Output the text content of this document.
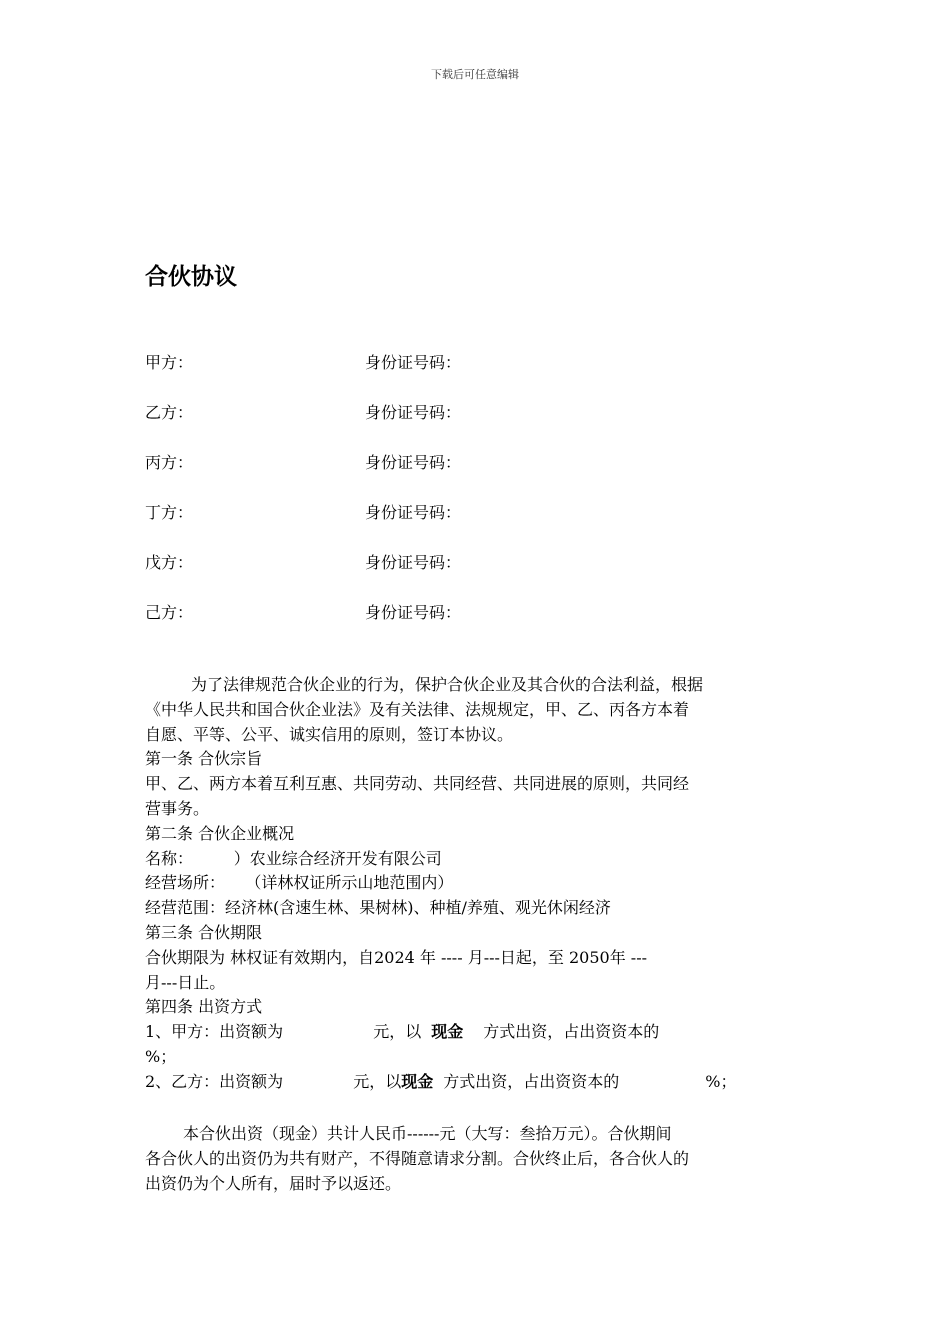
下载后可任意编辑
合伙协议
甲方：	身份证号码：
乙方：	身份证号码：
丙方：	身份证号码：
丁方：	身份证号码：
戊方：	身份证号码：
己方：	身份证号码：
为了法律规范合伙企业的行为，保护合伙企业及其合伙的合法利益，根据
《中华人民共和国合伙企业法》及有关法律、法规规定，甲、乙、丙各方本着
自愿、平等、公平、诚实信用的原则，签订本协议。
第一条 合伙宗旨
甲、乙、两方本着互利互惠、共同劳动、共同经营、共同进展的原则，共同经
营事务。
第二条 合伙企业概况
名称：        ）农业综合经济开发有限公司
经营场所：    （详林权证所示山地范围内）
经营范围：经济林(含速生林、果树林)、种植/养殖、观光休闲经济
第三条 合伙期限
合伙期限为 林权证有效期内，自2024 年 ---- 月---日起，至 2050年 ---
月---日止。
第四条 出资方式
1、甲方：出资额为	元，以 现金 方式出资，占出资资本的
%；
2、乙方：出资额为	元，以现金 方式出资，占出资资本的	%；
本合伙出资（现金）共计人民币------元（大写：叁拾万元）。合伙期间
各合伙人的出资仍为共有财产，不得随意请求分割。合伙终止后，各合伙人的
出资仍为个人所有，届时予以返还。
